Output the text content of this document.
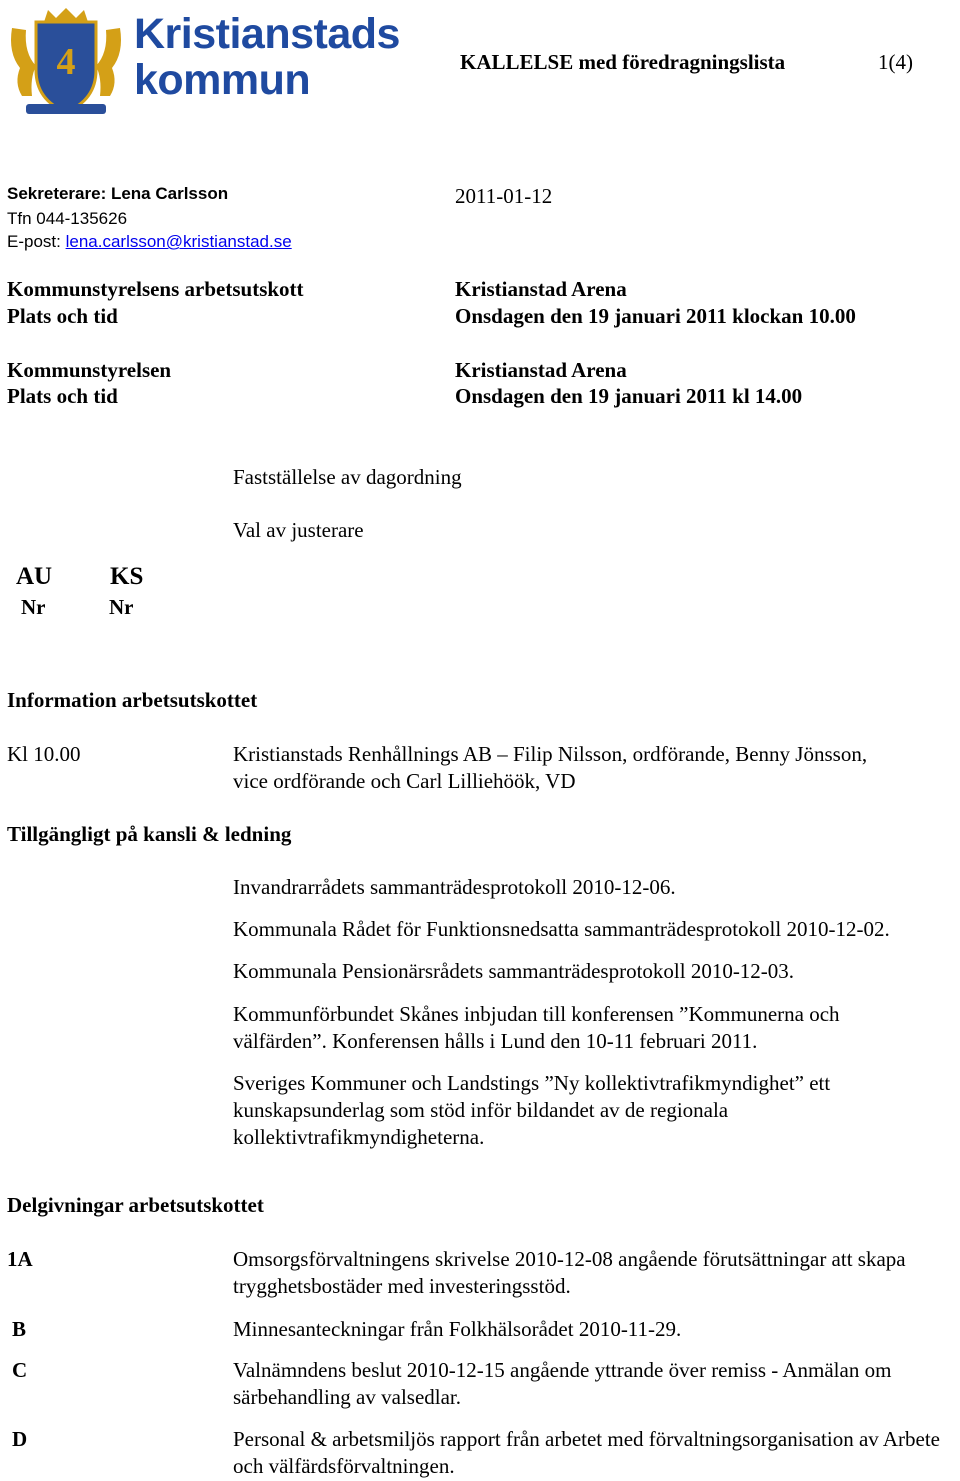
4
Kristianstads
kommun	KALLELSE med föredragningslista	1(4)
Sekreterare: Lena Carlsson
Tfn 044-135626
E-post: lena.carlsson@kristianstad.se
2011-01-12
Kommunstyrelsens arbetsutskott
Plats och tid
Kristianstad Arena
Onsdagen den 19 januari 2011 klockan 10.00
Kommunstyrelsen
Plats och tid
Kristianstad Arena
Onsdagen den 19 januari 2011 kl 14.00
Fastställelse av dagordning
Val av justerare
AU KS
Nr	Nr
Information arbetsutskottet
Kl 10.00	Kristianstads Renhållnings AB – Filip Nilsson, ordförande, Benny Jönsson, vice ordförande och Carl Lilliehöök, VD
Tillgängligt på kansli & ledning
Invandrarrådets sammanträdesprotokoll 2010-12-06.
Kommunala Rådet för Funktionsnedsatta sammanträdesprotokoll 2010-12-02.
Kommunala Pensionärsrådets sammanträdesprotokoll 2010-12-03.
Kommunförbundet Skånes inbjudan till konferensen ”Kommunerna och välfärden”. Konferensen hålls i Lund den 10-11 februari 2011.
Sveriges Kommuner och Landstings ”Ny kollektivtrafikmyndighet” ett kunskapsunderlag som stöd inför bildandet av de regionala kollektivtrafikmyndigheterna.
Delgivningar arbetsutskottet
1A	Omsorgsförvaltningens skrivelse 2010-12-08 angående förutsättningar att skapa trygghetsbostäder med investeringsstöd.
B	Minnesanteckningar från Folkhälsorådet 2010-11-29.
C	Valnämndens beslut 2010-12-15 angående yttrande över remiss - Anmälan om särbehandling av valsedlar.
D	Personal & arbetsmiljös rapport från arbetet med förvaltningsorganisation av Arbete och välfärdsförvaltningen.
